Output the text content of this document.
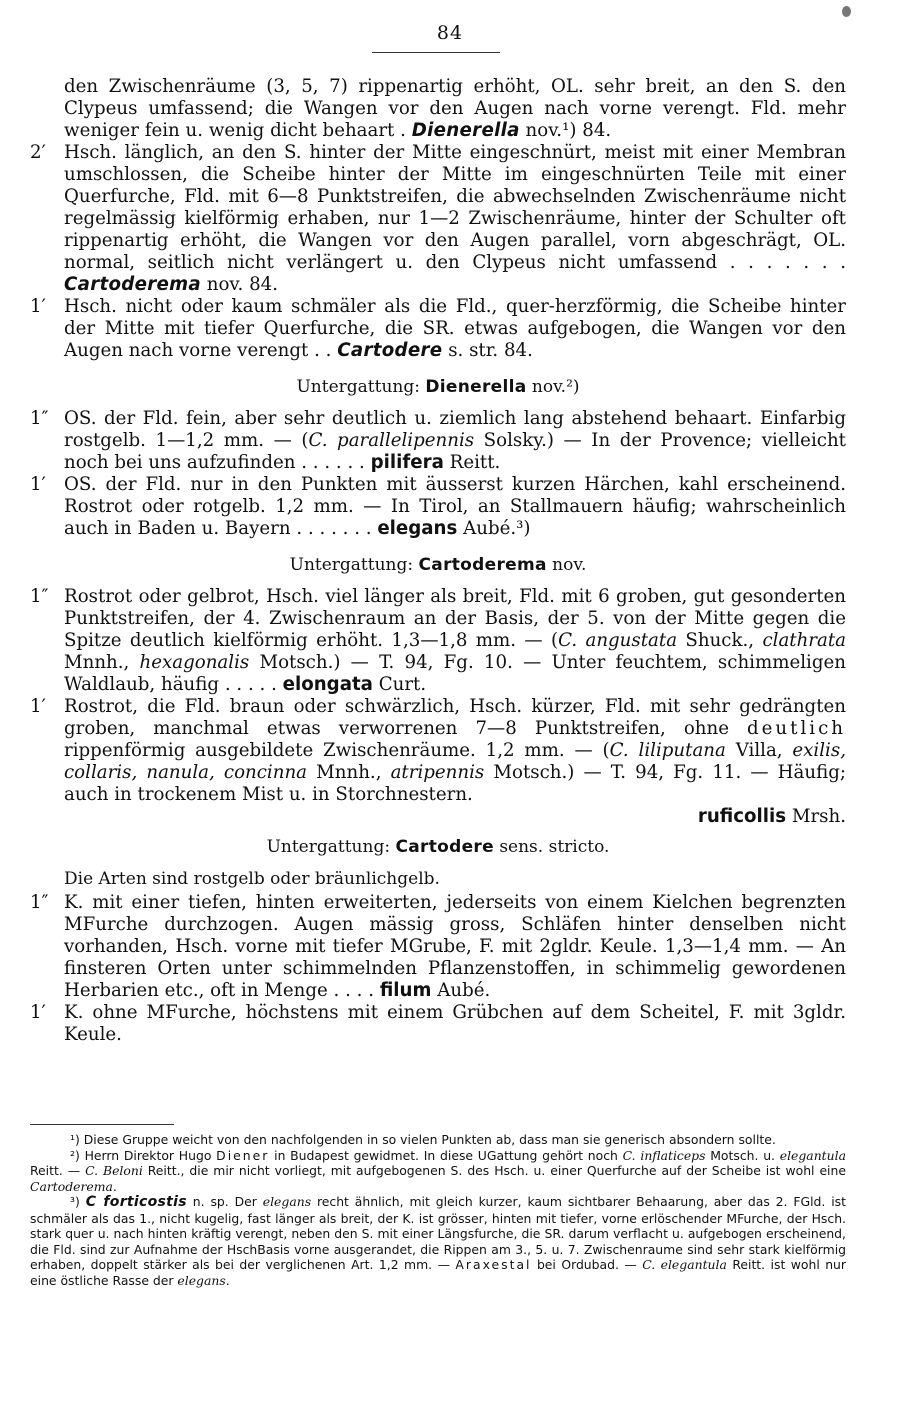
84

den Zwischenräume (3, 5, 7) rippenartig erhöht, OL. sehr breit, an den S. den Clypeus umfassend; die Wangen vor den Augen nach vorne verengt. Fld. mehr weniger fein u. wenig dicht behaart . Dienerella nov.¹) 84.

2′ Hsch. länglich, an den S. hinter der Mitte eingeschnürt, meist mit einer Membran umschlossen, die Scheibe hinter der Mitte im eingeschnürten Teile mit einer Querfurche, Fld. mit 6—8 Punktstreifen, die abwechselnden Zwischenräume nicht regelmässig kielförmig erhaben, nur 1—2 Zwischenräume, hinter der Schulter oft rippenartig erhöht, die Wangen vor den Augen parallel, vorn abgeschrägt, OL. normal, seitlich nicht verlängert u. den Clypeus nicht umfassend . . . . . . . Cartoderema nov. 84.

1′ Hsch. nicht oder kaum schmäler als die Fld., quer-herzförmig, die Scheibe hinter der Mitte mit tiefer Querfurche, die SR. etwas aufgebogen, die Wangen vor den Augen nach vorne verengt . . Cartodere s. str. 84.

Untergattung: Dienerella nov.²)

1″ OS. der Fld. fein, aber sehr deutlich u. ziemlich lang abstehend behaart. Einfarbig rostgelb. 1—1,2 mm. — (C. parallelipennis Solsky.) — In der Provence; vielleicht noch bei uns aufzufinden . . . . . . pilifera Reitt.

1′ OS. der Fld. nur in den Punkten mit äusserst kurzen Härchen, kahl erscheinend. Rostrot oder rotgelb. 1,2 mm. — In Tirol, an Stallmauern häufig; wahrscheinlich auch in Baden u. Bayern . . . . . . . elegans Aubé.³)

Untergattung: Cartoderema nov.

1″ Rostrot oder gelbrot, Hsch. viel länger als breit, Fld. mit 6 groben, gut gesonderten Punktstreifen, der 4. Zwischenraum an der Basis, der 5. von der Mitte gegen die Spitze deutlich kielförmig erhöht. 1,3—1,8 mm. — (C. angustata Shuck., clathrata Mnnh., hexagonalis Motsch.) — T. 94, Fg. 10. — Unter feuchtem, schimmeligen Waldlaub, häufig . . . . . elongata Curt.

1′ Rostrot, die Fld. braun oder schwärzlich, Hsch. kürzer, Fld. mit sehr gedrängten groben, manchmal etwas verworrenen 7—8 Punktstreifen, ohne deutlich rippenförmig ausgebildete Zwischenräume. 1,2 mm. — (C. liliputana Villa, exilis, collaris, nanula, concinna Mnnh., atripennis Motsch.) — T. 94, Fg. 11. — Häufig; auch in trockenem Mist u. in Storchnestern.

ruficollis Mrsh.

Untergattung: Cartodere sens. stricto.
Die Arten sind rostgelb oder bräunlichgelb.

1″ K. mit einer tiefen, hinten erweiterten, jederseits von einem Kielchen begrenzten MFurche durchzogen. Augen mässig gross, Schläfen hinter denselben nicht vorhanden, Hsch. vorne mit tiefer MGrube, F. mit 2gldr. Keule. 1,3—1,4 mm. — An finsteren Orten unter schimmelnden Pflanzenstoffen, in schimmelig gewordenen Herbarien etc., oft in Menge . . . . filum Aubé.

1′ K. ohne MFurche, höchstens mit einem Grübchen auf dem Scheitel, F. mit 3gldr. Keule.

¹) Diese Gruppe weicht von den nachfolgenden in so vielen Punkten ab, dass man sie generisch absondern sollte.

²) Herrn Direktor Hugo Diener in Budapest gewidmet. In diese UGattung gehört noch C. inflaticeps Motsch. u. elegantula Reitt. — C. Beloni Reitt., die mir nicht vorliegt, mit aufgebogenen S. des Hsch. u. einer Querfurche auf der Scheibe ist wohl eine Cartoderema.

³) C forticostis n. sp. Der elegans recht ähnlich, mit gleich kurzer, kaum sichtbarer Behaarung, aber das 2. FGld. ist schmäler als das 1., nicht kugelig, fast länger als breit, der K. ist grösser, hinten mit tiefer, vorne erlöschender MFurche, der Hsch. stark quer u. nach hinten kräftig verengt, neben den S. mit einer Längsfurche, die SR. darum verflacht u. aufgebogen erscheinend, die Fld. sind zur Aufnahme der HschBasis vorne ausgerandet, die Rippen am 3., 5. u. 7. Zwischenraume sind sehr stark kielförmig erhaben, doppelt stärker als bei der verglichenen Art. 1,2 mm. — Araxestal bei Ordubad. — C. elegantula Reitt. ist wohl nur eine östliche Rasse der elegans.
